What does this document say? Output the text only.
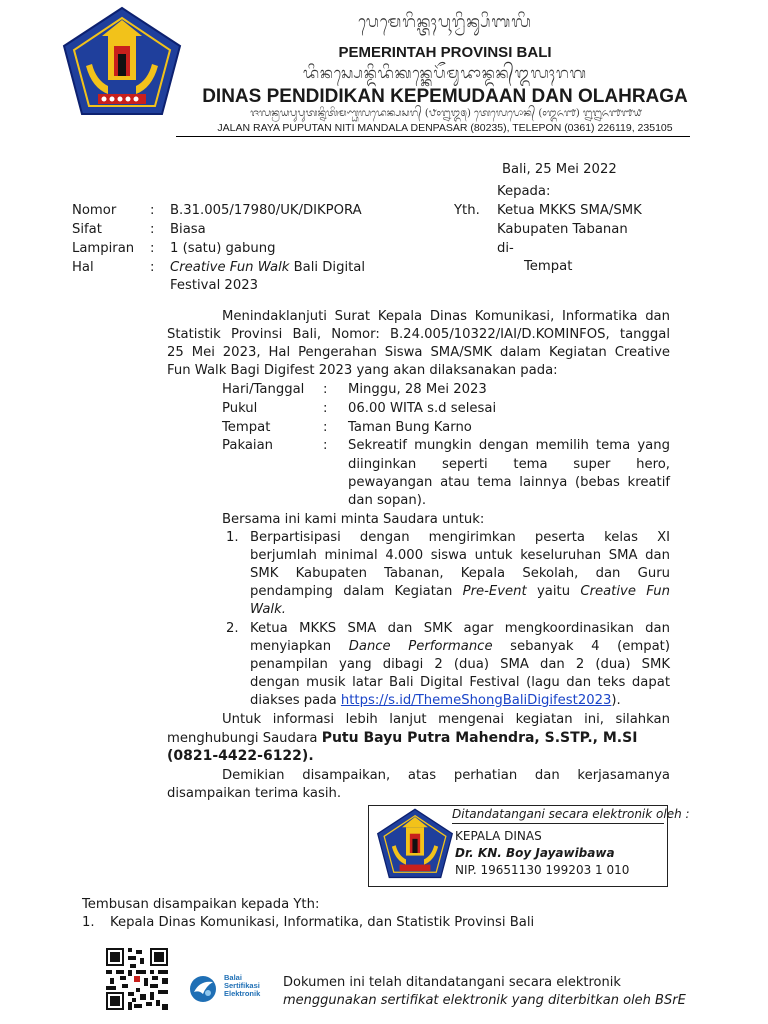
ᬧᬾᬫᬾᬭᬶᬦ᭄ᬢᬄᬧᬹᬭ᭄ᬯᬶᬦ᭄ᬲᬶᬩᬮᬶ
PEMERINTAH PROVINSI BALI
ᬤᬶᬦᬲ᭄ᬧᬾᬦ᭄ᬤᬶᬤᬶᬓᬦ᭄ᬓᬾᬧᭂᬫᬸᬤᬵᬦ᭄ᬤᬦ᭄ᬑᬮᬄᬭᬕ
DINAS PENDIDIKAN KEPEMUDAAN DAN OLAHRAGA
ᬚᬮᬦ᭄ᬭᬬᬧᬸᬧᬸᬢᬦ᭄ᬦᬶᬢᬶᬫᬡ᭄ᬟᬮᬤᬾᬦ᭄ᬧᬲᬭ᭄ (᭘᭐᭒᭓᭕) ᬢᬾᬮᬾᬧᭀᬦ᭄ (᭐᭓᭖᭑) ᭒᭒᭖᭑᭑᭙
JALAN RAYA PUPUTAN NITI MANDALA DENPASAR (80235), TELEPON (0361) 226119, 235105
Bali, 25 Mei 2022
Kepada:
Yth. Ketua MKKS SMA/SMK
Kabupaten Tabanan
di-
Tempat
Nomor	: B.31.005/17980/UK/DIKPORA
Sifat	: Biasa
Lampiran : 1 (satu) gabung
Hal	: Creative Fun Walk Bali Digital
Festival 2023
Menindaklanjuti Surat Kepala Dinas Komunikasi, Informatika dan
Statistik Provinsi Bali, Nomor: B.24.005/10322/IAI/D.KOMINFOS, tanggal
25 Mei 2023, Hal Pengerahan Siswa SMA/SMK dalam Kegiatan Creative
Fun Walk Bagi Digifest 2023 yang akan dilaksanakan pada:
Hari/Tanggal : Minggu, 28 Mei 2023
Pukul	: 06.00 WITA s.d selesai
Tempat	: Taman Bung Karno
Pakaian	: Sekreatif mungkin dengan memilih tema yang
diinginkan seperti tema super hero,
pewayangan atau tema lainnya (bebas kreatif
dan sopan).
Bersama ini kami minta Saudara untuk:
1. Berpartisipasi dengan mengirimkan peserta kelas XI
berjumlah minimal 4.000 siswa untuk keseluruhan SMA dan
SMK Kabupaten Tabanan, Kepala Sekolah, dan Guru
pendamping dalam Kegiatan Pre-Event yaitu Creative Fun
Walk.
2. Ketua MKKS SMA dan SMK agar mengkoordinasikan dan
menyiapkan Dance Performance sebanyak 4 (empat)
penampilan yang dibagi 2 (dua) SMA dan 2 (dua) SMK
dengan musik latar Bali Digital Festival (lagu dan teks dapat
diakses pada https://s.id/ThemeShongBaliDigifest2023).
Untuk informasi lebih lanjut mengenai kegiatan ini, silahkan
menghubungi Saudara Putu Bayu Putra Mahendra, S.STP., M.SI
(0821-4422-6122).
Demikian disampaikan, atas perhatian dan kerjasamanya
disampaikan terima kasih.
Ditandatangani secara elektronik oleh :
KEPALA DINAS
Dr. KN. Boy Jayawibawa
NIP. 19651130 199203 1 010
Tembusan disampaikan kepada Yth:
1. Kepala Dinas Komunikasi, Informatika, dan Statistik Provinsi Bali
Balai
Sertifikasi
Elektronik
Dokumen ini telah ditandatangani secara elektronik
menggunakan sertifikat elektronik yang diterbitkan oleh BSrE
